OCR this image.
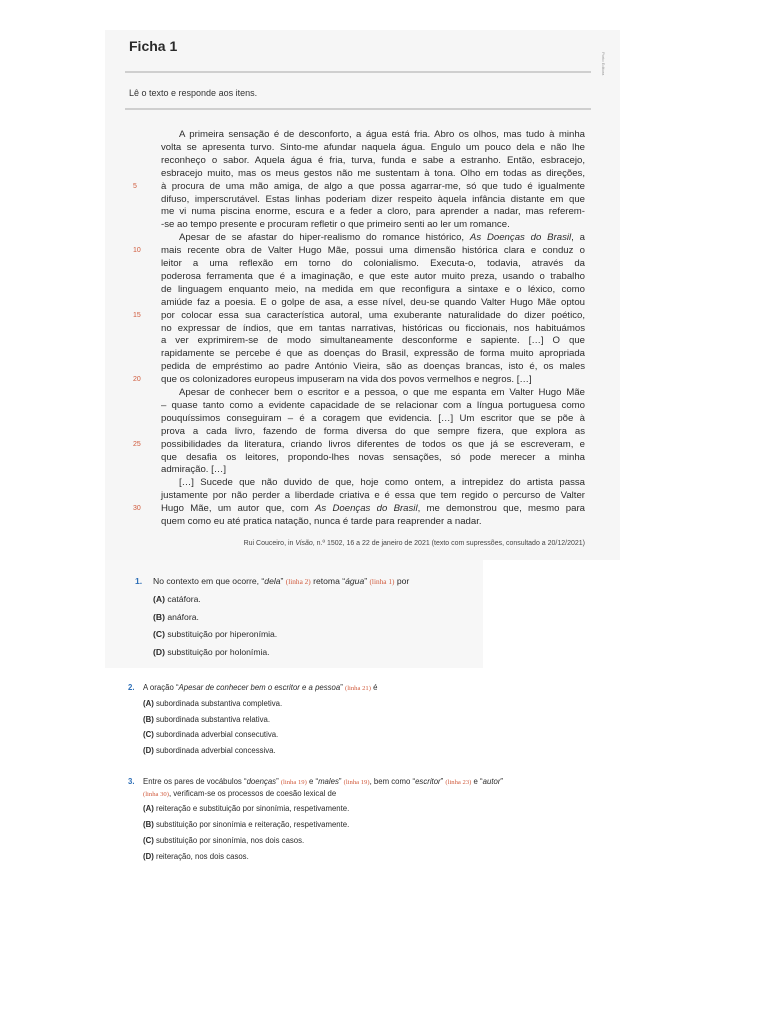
Ficha 1
Porto Editora
Lê o texto e responde aos itens.
A primeira sensação é de desconforto, a água está fria. Abro os olhos, mas tudo à minha
volta se apresenta turvo. Sinto-me afundar naquela água. Engulo um pouco dela e não lhe
reconheço o sabor. Aquela água é fria, turva, funda e sabe a estranho. Então, esbracejo,
esbracejo muito, mas os meus gestos não me sustentam à tona. Olho em todas as direções,
à procura de uma mão amiga, de algo a que possa agarrar-me, só que tudo é igualmente
difuso, imperscrutável. Estas linhas poderiam dizer respeito àquela infância distante em que
me vi numa piscina enorme, escura e a feder a cloro, para aprender a nadar, mas referem-
-se ao tempo presente e procuram refletir o que primeiro senti ao ler um romance.
Apesar de se afastar do hiper-realismo do romance histórico, As Doenças do Brasil, a
mais recente obra de Valter Hugo Mãe, possui uma dimensão histórica clara e conduz o
leitor a uma reflexão em torno do colonialismo. Executa-o, todavia, através da
poderosa ferramenta que é a imaginação, e que este autor muito preza, usando o trabalho
de linguagem enquanto meio, na medida em que reconfigura a sintaxe e o léxico, como
amiúde faz a poesia. E o golpe de asa, a esse nível, deu-se quando Valter Hugo Mãe optou
por colocar essa sua característica autoral, uma exuberante naturalidade do dizer poético,
no expressar de índios, que em tantas narrativas, históricas ou ficcionais, nos habituámos
a ver exprimirem-se de modo simultaneamente desconforme e sapiente. […] O que
rapidamente se percebe é que as doenças do Brasil, expressão de forma muito apropriada
pedida de empréstimo ao padre António Vieira, são as doenças brancas, isto é, os males
que os colonizadores europeus impuseram na vida dos povos vermelhos e negros. […]
Apesar de conhecer bem o escritor e a pessoa, o que me espanta em Valter Hugo Mãe
– quase tanto como a evidente capacidade de se relacionar com a língua portuguesa como
pouquíssimos conseguiram – é a coragem que evidencia. […] Um escritor que se põe à
prova a cada livro, fazendo de forma diversa do que sempre fizera, que explora as
possibilidades da literatura, criando livros diferentes de todos os que já se escreveram, e
que desafia os leitores, propondo-lhes novas sensações, só pode merecer a minha
admiração. […]
[…] Sucede que não duvido de que, hoje como ontem, a intrepidez do artista passa
justamente por não perder a liberdade criativa e é essa que tem regido o percurso de Valter
Hugo Mãe, um autor que, com As Doenças do Brasil, me demonstrou que, mesmo para
quem como eu até pratica natação, nunca é tarde para reaprender a nadar.
5
10
15
20
25
30
Rui Couceiro, in Visão, n.º 1502, 16 a 22 de janeiro de 2021 (texto com supressões, consultado a 20/12/2021)
1. No contexto em que ocorre, “dela” (linha 2) retoma “água” (linha 1) por
(A) catáfora.
(B) anáfora.
(C) substituição por hiperonímia.
(D) substituição por holonímia.
2. A oração “Apesar de conhecer bem o escritor e a pessoa” (linha 21) é
(A) subordinada substantiva completiva.
(B) subordinada substantiva relativa.
(C) subordinada adverbial consecutiva.
(D) subordinada adverbial concessiva.
3. Entre os pares de vocábulos “doenças” (linha 19) e “males” (linha 19), bem como “escritor” (linha 23) e “autor”
(linha 30), verificam-se os processos de coesão lexical de
(A) reiteração e substituição por sinonímia, respetivamente.
(B) substituição por sinonímia e reiteração, respetivamente.
(C) substituição por sinonímia, nos dois casos.
(D) reiteração, nos dois casos.
